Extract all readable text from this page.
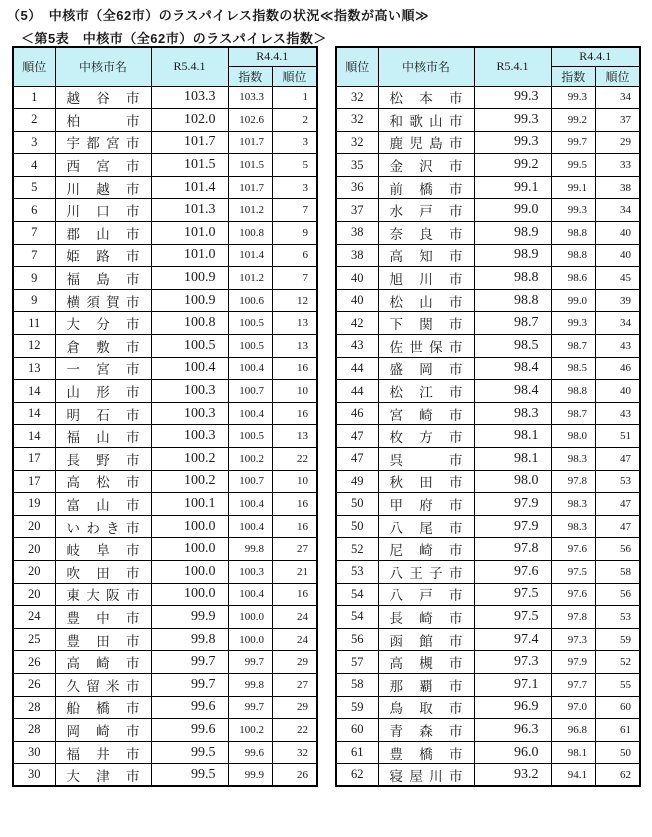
（5）　中核市（全62市）のラスパイレス指数の状況≪指数が高い順≫
＜第5表　中核市（全62市）のラスパイレス指数＞
順位	中核市名	R5.4.1	R4.4.1	
			指数	順位
1	越谷市	103.3	103.3	1
2	柏市	102.0	102.6	2
3	宇都宮市	101.7	101.7	3
4	西宮市	101.5	101.5	5
5	川越市	101.4	101.7	3
6	川口市	101.3	101.2	7
7	郡山市	101.0	100.8	9
7	姫路市	101.0	101.4	6
9	福島市	100.9	101.2	7
9	横須賀市	100.9	100.6	12
11	大分市	100.8	100.5	13
12	倉敷市	100.5	100.5	13
13	一宮市	100.4	100.4	16
14	山形市	100.3	100.7	10
14	明石市	100.3	100.4	16
14	福山市	100.3	100.5	13
17	長野市	100.2	100.2	22
17	高松市	100.2	100.7	10
19	富山市	100.1	100.4	16
20	いわき市	100.0	100.4	16
20	岐阜市	100.0	99.8	27
20	吹田市	100.0	100.3	21
20	東大阪市	100.0	100.4	16
24	豊中市	99.9	100.0	24
25	豊田市	99.8	100.0	24
26	高崎市	99.7	99.7	29
26	久留米市	99.7	99.8	27
28	船橋市	99.6	99.7	29
28	岡崎市	99.6	100.2	22
30	福井市	99.5	99.6	32
30	大津市	99.5	99.9	26
順位	中核市名	R5.4.1	R4.4.1	
			指数	順位
32	松本市	99.3	99.3	34
32	和歌山市	99.3	99.2	37
32	鹿児島市	99.3	99.7	29
35	金沢市	99.2	99.5	33
36	前橋市	99.1	99.1	38
37	水戸市	99.0	99.3	34
38	奈良市	98.9	98.8	40
38	高知市	98.9	98.8	40
40	旭川市	98.8	98.6	45
40	松山市	98.8	99.0	39
42	下関市	98.7	99.3	34
43	佐世保市	98.5	98.7	43
44	盛岡市	98.4	98.5	46
44	松江市	98.4	98.8	40
46	宮崎市	98.3	98.7	43
47	枚方市	98.1	98.0	51
47	呉市	98.1	98.3	47
49	秋田市	98.0	97.8	53
50	甲府市	97.9	98.3	47
50	八尾市	97.9	98.3	47
52	尼崎市	97.8	97.6	56
53	八王子市	97.6	97.5	58
54	八戸市	97.5	97.6	56
54	長崎市	97.5	97.8	53
56	函館市	97.4	97.3	59
57	高槻市	97.3	97.9	52
58	那覇市	97.1	97.7	55
59	鳥取市	96.9	97.0	60
60	青森市	96.3	96.8	61
61	豊橋市	96.0	98.1	50
62	寝屋川市	93.2	94.1	62
